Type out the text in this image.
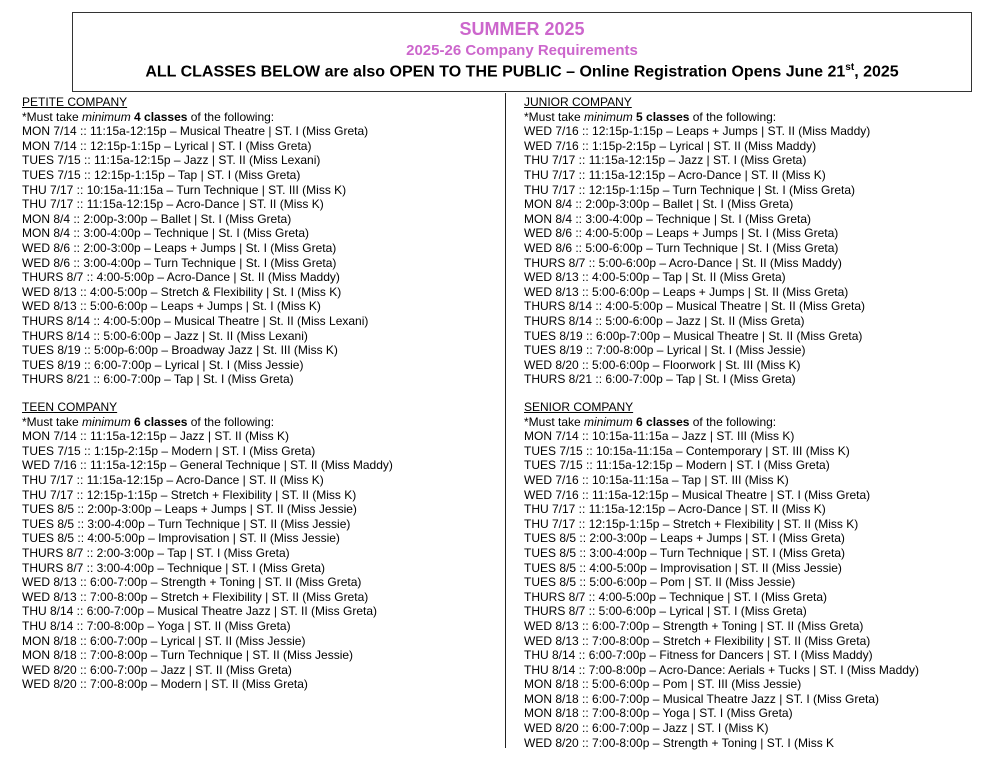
SUMMER 2025
2025-26 Company Requirements
ALL CLASSES BELOW are also OPEN TO THE PUBLIC – Online Registration Opens June 21st, 2025
PETITE COMPANY
*Must take minimum 4 classes of the following:
MON 7/14 :: 11:15a-12:15p – Musical Theatre | ST. I (Miss Greta)
MON 7/14 :: 12:15p-1:15p – Lyrical | ST. I (Miss Greta)
TUES 7/15 :: 11:15a-12:15p – Jazz | ST. II (Miss Lexani)
TUES 7/15 :: 12:15p-1:15p – Tap | ST. I (Miss Greta)
THU 7/17 :: 10:15a-11:15a – Turn Technique | ST. III (Miss K)
THU 7/17 :: 11:15a-12:15p – Acro-Dance | ST. II (Miss K)
MON 8/4 :: 2:00p-3:00p – Ballet | St. I (Miss Greta)
MON 8/4 :: 3:00-4:00p – Technique | St. I (Miss Greta)
WED 8/6 :: 2:00-3:00p – Leaps + Jumps | St. I (Miss Greta)
WED 8/6 :: 3:00-4:00p – Turn Technique | St. I (Miss Greta)
THURS 8/7 :: 4:00-5:00p – Acro-Dance | St. II (Miss Maddy)
WED 8/13 :: 4:00-5:00p – Stretch & Flexibility | St. I (Miss K)
WED 8/13 :: 5:00-6:00p – Leaps + Jumps | St. I (Miss K)
THURS 8/14 :: 4:00-5:00p – Musical Theatre | St. II (Miss Lexani)
THURS 8/14 :: 5:00-6:00p – Jazz | St. II (Miss Lexani)
TUES 8/19 :: 5:00p-6:00p – Broadway Jazz | St. III (Miss K)
TUES 8/19 :: 6:00-7:00p – Lyrical | St. I (Miss Jessie)
THURS 8/21 :: 6:00-7:00p – Tap | St. I (Miss Greta)
TEEN COMPANY
*Must take minimum 6 classes of the following:
MON 7/14 :: 11:15a-12:15p – Jazz | ST. II (Miss K)
TUES 7/15 :: 1:15p-2:15p – Modern | ST. I (Miss Greta)
WED 7/16 :: 11:15a-12:15p – General Technique | ST. II (Miss Maddy)
THU 7/17 :: 11:15a-12:15p – Acro-Dance | ST. II (Miss K)
THU 7/17 :: 12:15p-1:15p – Stretch + Flexibility | ST. II (Miss K)
TUES 8/5 :: 2:00p-3:00p – Leaps + Jumps | ST. II (Miss Jessie)
TUES 8/5 :: 3:00-4:00p – Turn Technique | ST. II (Miss Jessie)
TUES 8/5 :: 4:00-5:00p – Improvisation | ST. II (Miss Jessie)
THURS 8/7 :: 2:00-3:00p – Tap | ST. I (Miss Greta)
THURS 8/7 :: 3:00-4:00p – Technique | ST. I (Miss Greta)
WED 8/13 :: 6:00-7:00p – Strength + Toning | ST. II (Miss Greta)
WED 8/13 :: 7:00-8:00p – Stretch + Flexibility | ST. II (Miss Greta)
THU 8/14 :: 6:00-7:00p – Musical Theatre Jazz | ST. II (Miss Greta)
THU 8/14 :: 7:00-8:00p – Yoga | ST. II (Miss Greta)
MON 8/18 :: 6:00-7:00p – Lyrical | ST. II (Miss Jessie)
MON 8/18 :: 7:00-8:00p – Turn Technique | ST. II (Miss Jessie)
WED 8/20 :: 6:00-7:00p – Jazz | ST. II (Miss Greta)
WED 8/20 :: 7:00-8:00p – Modern | ST. II (Miss Greta)
JUNIOR COMPANY
*Must take minimum 5 classes of the following:
WED 7/16 :: 12:15p-1:15p – Leaps + Jumps | ST. II (Miss Maddy)
WED 7/16 :: 1:15p-2:15p – Lyrical | ST. II (Miss Maddy)
THU 7/17 :: 11:15a-12:15p – Jazz | ST. I (Miss Greta)
THU 7/17 :: 11:15a-12:15p – Acro-Dance | ST. II (Miss K)
THU 7/17 :: 12:15p-1:15p – Turn Technique | St. I (Miss Greta)
MON 8/4 :: 2:00p-3:00p – Ballet | St. I (Miss Greta)
MON 8/4 :: 3:00-4:00p – Technique | St. I (Miss Greta)
WED 8/6 :: 4:00-5:00p – Leaps + Jumps | St. I (Miss Greta)
WED 8/6 :: 5:00-6:00p – Turn Technique | St. I (Miss Greta)
THURS 8/7 :: 5:00-6:00p – Acro-Dance | St. II (Miss Maddy)
WED 8/13 :: 4:00-5:00p – Tap | St. II (Miss Greta)
WED 8/13 :: 5:00-6:00p – Leaps + Jumps | St. II (Miss Greta)
THURS 8/14 :: 4:00-5:00p – Musical Theatre | St. II (Miss Greta)
THURS 8/14 :: 5:00-6:00p – Jazz | St. II (Miss Greta)
TUES 8/19 :: 6:00p-7:00p – Musical Theatre | St. II (Miss Greta)
TUES 8/19 :: 7:00-8:00p – Lyrical | St. I (Miss Jessie)
WED 8/20 :: 5:00-6:00p – Floorwork | St. III (Miss K)
THURS 8/21 :: 6:00-7:00p – Tap | St. I (Miss Greta)
SENIOR COMPANY
*Must take minimum 6 classes of the following:
MON 7/14 :: 10:15a-11:15a – Jazz | ST. III (Miss K)
TUES 7/15 :: 10:15a-11:15a – Contemporary | ST. III (Miss K)
TUES 7/15 :: 11:15a-12:15p – Modern | ST. I (Miss Greta)
WED 7/16 :: 10:15a-11:15a – Tap | ST. III (Miss K)
WED 7/16 :: 11:15a-12:15p – Musical Theatre | ST. I (Miss Greta)
THU 7/17 :: 11:15a-12:15p – Acro-Dance | ST. II (Miss K)
THU 7/17 :: 12:15p-1:15p – Stretch + Flexibility | ST. II (Miss K)
TUES 8/5 :: 2:00-3:00p – Leaps + Jumps | ST. I (Miss Greta)
TUES 8/5 :: 3:00-4:00p – Turn Technique | ST. I (Miss Greta)
TUES 8/5 :: 4:00-5:00p – Improvisation | ST. II (Miss Jessie)
TUES 8/5 :: 5:00-6:00p – Pom | ST. II (Miss Jessie)
THURS 8/7 :: 4:00-5:00p – Technique | ST. I (Miss Greta)
THURS 8/7 :: 5:00-6:00p – Lyrical | ST. I (Miss Greta)
WED 8/13 :: 6:00-7:00p – Strength + Toning | ST. II (Miss Greta)
WED 8/13 :: 7:00-8:00p – Stretch + Flexibility | ST. II (Miss Greta)
THU 8/14 :: 6:00-7:00p – Fitness for Dancers | ST. I (Miss Maddy)
THU 8/14 :: 7:00-8:00p – Acro-Dance: Aerials + Tucks | ST. I (Miss Maddy)
MON 8/18 :: 5:00-6:00p – Pom | ST. III (Miss Jessie)
MON 8/18 :: 6:00-7:00p – Musical Theatre Jazz | ST. I (Miss Greta)
MON 8/18 :: 7:00-8:00p – Yoga | ST. I (Miss Greta)
WED 8/20 :: 6:00-7:00p – Jazz | ST. I (Miss K)
WED 8/20 :: 7:00-8:00p – Strength + Toning | ST. I (Miss K
